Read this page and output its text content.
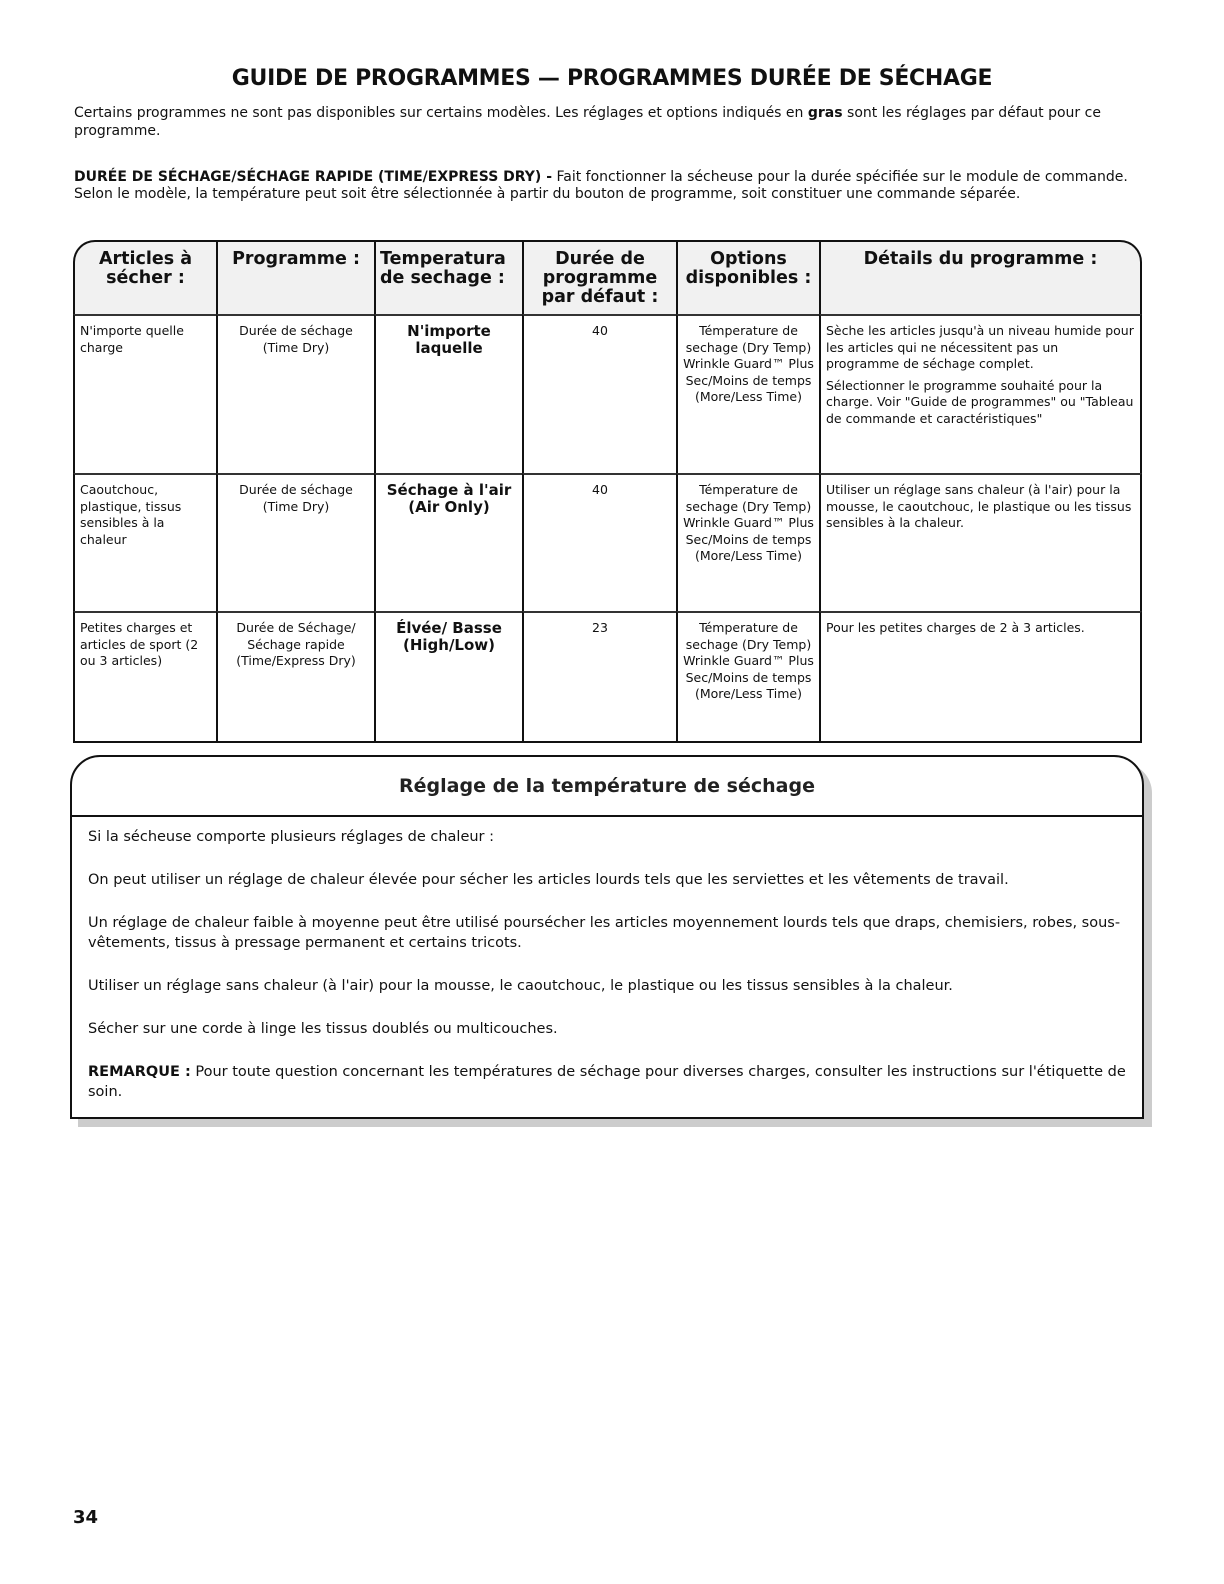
GUIDE DE PROGRAMMES — PROGRAMMES DURÉE DE SÉCHAGE
Certains programmes ne sont pas disponibles sur certains modèles. Les réglages et options indiqués en gras sont les réglages par défaut pour ce programme.
DURÉE DE SÉCHAGE/SÉCHAGE RAPIDE (TIME/EXPRESS DRY) - Fait fonctionner la sécheuse pour la durée spécifiée sur le module de commande. Selon le modèle, la température peut soit être sélectionnée à partir du bouton de programme, soit constituer une commande séparée.
Articles à sécher :	Programme :	Temperatura de sechage :	Durée de programme par défaut :	Options disponibles :	Détails du programme :
N'importe quelle charge	Durée de séchage (Time Dry)	N'importe laquelle	40	Témperature de sechage (Dry Temp) Wrinkle Guard™ Plus Sec/Moins de temps (More/Less Time)	Sèche les articles jusqu'à un niveau humide pour les articles qui ne nécessitent pas un programme de séchage complet.
Sélectionner le programme souhaité pour la charge. Voir "Guide de programmes" ou "Tableau de commande et caractéristiques"

Caoutchouc, plastique, tissus sensibles à la chaleur	Durée de séchage (Time Dry)	Séchage à l'air (Air Only)	40	Témperature de sechage (Dry Temp) Wrinkle Guard™ Plus Sec/Moins de temps (More/Less Time)	Utiliser un réglage sans chaleur (à l'air) pour la mousse, le caoutchouc, le plastique ou les tissus sensibles à la chaleur.
Petites charges et articles de sport (2 ou 3 articles)	Durée de Séchage/ Séchage rapide (Time/Express Dry)	Élvée/ Basse (High/Low)	23	Témperature de sechage (Dry Temp) Wrinkle Guard™ Plus Sec/Moins de temps (More/Less Time)	Pour les petites charges de 2 à 3 articles.
Réglage de la température de séchage

Si la sécheuse comporte plusieurs réglages de chaleur :

On peut utiliser un réglage de chaleur élevée pour sécher les articles lourds tels que les serviettes et les vêtements de travail.

Un réglage de chaleur faible à moyenne peut être utilisé poursécher les articles moyennement lourds tels que draps, chemisiers, robes, sous-vêtements, tissus à pressage permanent et certains tricots.

Utiliser un réglage sans chaleur (à l'air) pour la mousse, le caoutchouc, le plastique ou les tissus sensibles à la chaleur.

Sécher sur une corde à linge les tissus doublés ou multicouches.

REMARQUE : Pour toute question concernant les températures de séchage pour diverses charges, consulter les instructions sur l'étiquette de soin.

34
